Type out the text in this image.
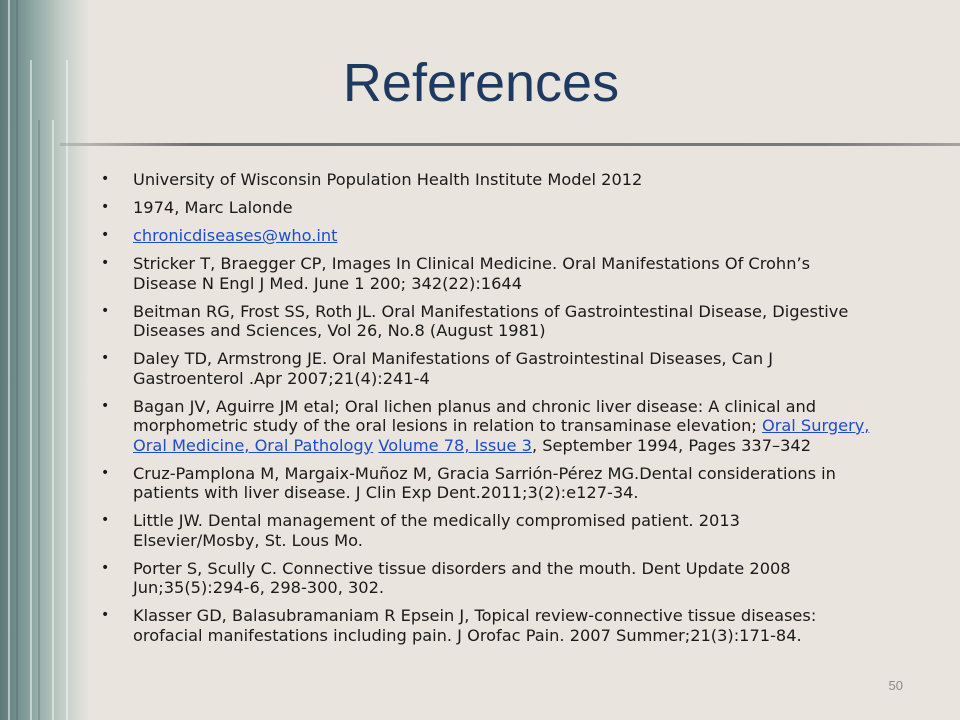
References
• University of Wisconsin Population Health Institute Model 2012
• 1974, Marc Lalonde
• chronicdiseases@who.int
• Stricker T, Braegger CP, Images In Clinical Medicine. Oral Manifestations Of Crohn’s Disease N Engl J Med. June 1 200; 342(22):1644
• Beitman RG, Frost SS, Roth JL. Oral Manifestations of Gastrointestinal Disease, Digestive Diseases and Sciences, Vol 26, No.8 (August 1981)
• Daley TD, Armstrong JE. Oral Manifestations of Gastrointestinal Diseases, Can J Gastroenterol .Apr 2007;21(4):241-4
• Bagan JV, Aguirre JM etal; Oral lichen planus and chronic liver disease: A clinical and morphometric study of the oral lesions in relation to transaminase elevation; Oral Surgery, Oral Medicine, Oral Pathology Volume 78, Issue 3, September 1994, Pages 337–342
• Cruz-Pamplona M, Margaix-Muñoz M, Gracia Sarrión-Pérez MG.Dental considerations in patients with liver disease. J Clin Exp Dent.2011;3(2):e127-34.
• Little JW. Dental management of the medically compromised patient. 2013 Elsevier/Mosby, St. Lous Mo.
• Porter S, Scully C. Connective tissue disorders and the mouth. Dent Update 2008 Jun;35(5):294-6, 298-300, 302.
• Klasser GD, Balasubramaniam R Epsein J, Topical review-connective tissue diseases: orofacial manifestations including pain. J Orofac Pain. 2007 Summer;21(3):171-84.
50
